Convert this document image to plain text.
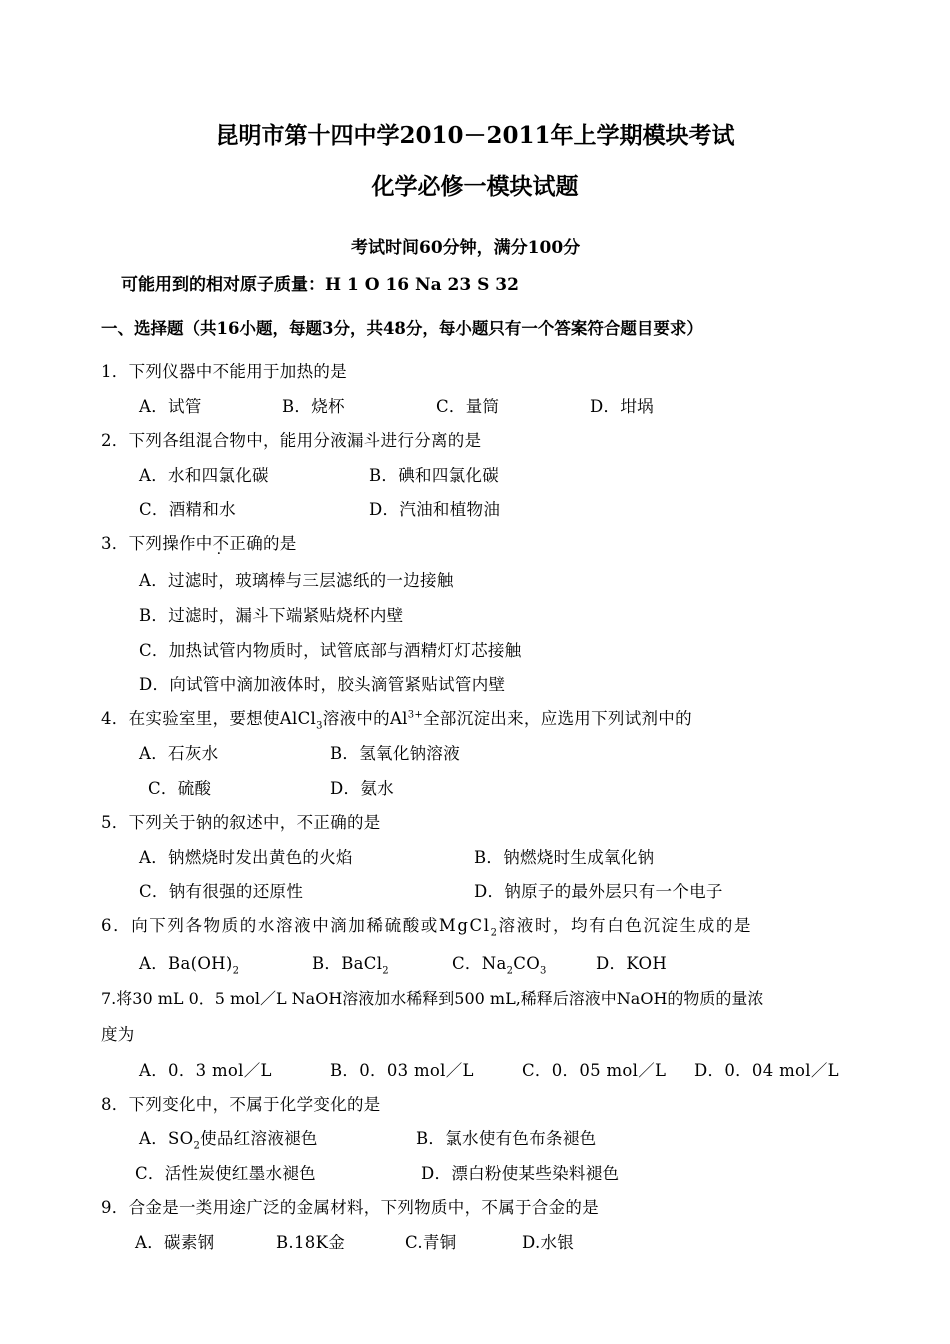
昆明市第十四中学2010－2011年上学期模块考试
化学必修一模块试题
考试时间60分钟，满分100分
可能用到的相对原子质量：H 1 O 16 Na 23 S 32
一、选择题（共16小题，每题3分，共48分，每小题只有一个答案符合题目要求）
1．下列仪器中不能用于加热的是
A．试管	B．烧杯	C．量筒	D．坩埚
2．下列各组混合物中，能用分液漏斗进行分离的是
A．水和四氯化碳	B．碘和四氯化碳
C．酒精和水	D．汽油和植物油
3．下列操作中不正确的是
A．过滤时，玻璃棒与三层滤纸的一边接触
B．过滤时，漏斗下端紧贴烧杯内壁
C．加热试管内物质时，试管底部与酒精灯灯芯接触
D．向试管中滴加液体时，胶头滴管紧贴试管内壁
4．在实验室里，要想使AlCl$_3$溶液中的$Al^{3+}$全部沉淀出来，应选用下列试剂中的
A．石灰水	B．氢氧化钠溶液
C．硫酸	D．氨水
5．下列关于钠的叙述中，不正确的是
A．钠燃烧时发出黄色的火焰	B．钠燃烧时生成氧化钠
C．钠有很强的还原性	D．钠原子的最外层只有一个电子
6．向下列各物质的水溶液中滴加稀硫酸或MgCl$_2$溶液时，均有白色沉淀生成的是
A．$Ba(OH)_2$	B．BaCl$_2$	C．$Na_2CO_3$	D．KOH
7.将30 mL 0．5 mol／L NaOH溶液加水稀释到500 mL,稀释后溶液中NaOH的物质的量浓
度为
A．0．3 mol／L	B．0．03 mol／L	C．0．05 mol／L D．0．04 mol／L
8．下列变化中，不属于化学变化的是
A．$SO_2$使品红溶液褪色	B．氯水使有色布条褪色
C．活性炭使红墨水褪色	D．漂白粉使某些染料褪色
9．合金是一类用途广泛的金属材料，下列物质中，不属于合金的是
A．碳素钢	B.18K金	C.青铜	D.水银
